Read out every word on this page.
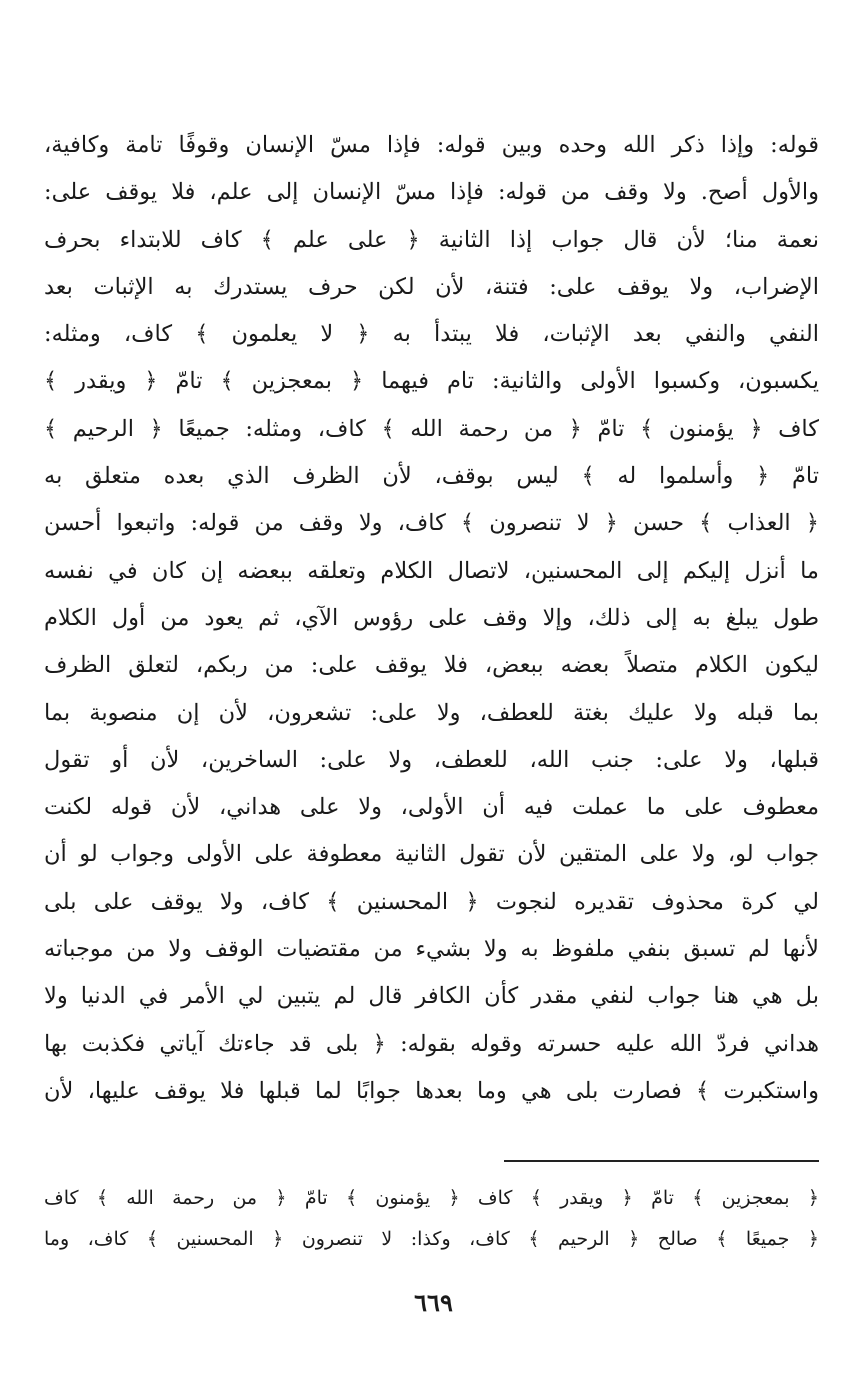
قوله: وإذا ذكر الله وحده وبين قوله: فإذا مسّ الإنسان وقوفًا تامة وكافية،
والأول أصح. ولا وقف من قوله: فإذا مسّ الإنسان إلى علم، فلا يوقف على:
نعمة منا؛ لأن قال جواب إذا الثانية ﴿ على علم ﴾ كاف للابتداء بحرف
الإضراب، ولا يوقف على: فتنة، لأن لكن حرف يستدرك به الإثبات بعد
النفي والنفي بعد الإثبات، فلا يبتدأ به ﴿ لا يعلمون ﴾ كاف، ومثله:
يكسبون، وكسبوا الأولى والثانية: تام فيهما ﴿ بمعجزين ﴾ تامّ ﴿ ويقدر ﴾
كاف ﴿ يؤمنون ﴾ تامّ ﴿ من رحمة الله ﴾ كاف، ومثله: جميعًا ﴿ الرحيم ﴾
تامّ ﴿ وأسلموا له ﴾ ليس بوقف، لأن الظرف الذي بعده متعلق به
﴿ العذاب ﴾ حسن ﴿ لا تنصرون ﴾ كاف، ولا وقف من قوله: واتبعوا أحسن
ما أنزل إليكم إلى المحسنين، لاتصال الكلام وتعلقه ببعضه إن كان في نفسه
طول يبلغ به إلى ذلك، وإلا وقف على رؤوس الآي، ثم يعود من أول الكلام
ليكون الكلام متصلاً بعضه ببعض، فلا يوقف على: من ربكم، لتعلق الظرف
بما قبله ولا عليك بغتة للعطف، ولا على: تشعرون، لأن إن منصوبة بما
قبلها، ولا على: جنب الله، للعطف، ولا على: الساخرين، لأن أو تقول
معطوف على ما عملت فيه أن الأولى، ولا على هداني، لأن قوله لكنت
جواب لو، ولا على المتقين لأن تقول الثانية معطوفة على الأولى وجواب لو أن
لي كرة محذوف تقديره لنجوت ﴿ المحسنين ﴾ كاف، ولا يوقف على بلى
لأنها لم تسبق بنفي ملفوظ به ولا بشيء من مقتضيات الوقف ولا من موجباته
بل هي هنا جواب لنفي مقدر كأن الكافر قال لم يتبين لي الأمر في الدنيا ولا
هداني فردّ الله عليه حسرته وقوله بقوله: ﴿ بلى قد جاءتك آياتي فكذبت بها
واستكبرت ﴾ فصارت بلى هي وما بعدها جوابًا لما قبلها فلا يوقف عليها، لأن
﴿ بمعجزين ﴾ تامّ ﴿ ويقدر ﴾ كاف ﴿ يؤمنون ﴾ تامّ ﴿ من رحمة الله ﴾ كاف
﴿ جميعًا ﴾ صالح ﴿ الرحيم ﴾ كاف، وكذا: لا تنصرون ﴿ المحسنين ﴾ كاف، وما
٦٦٩
